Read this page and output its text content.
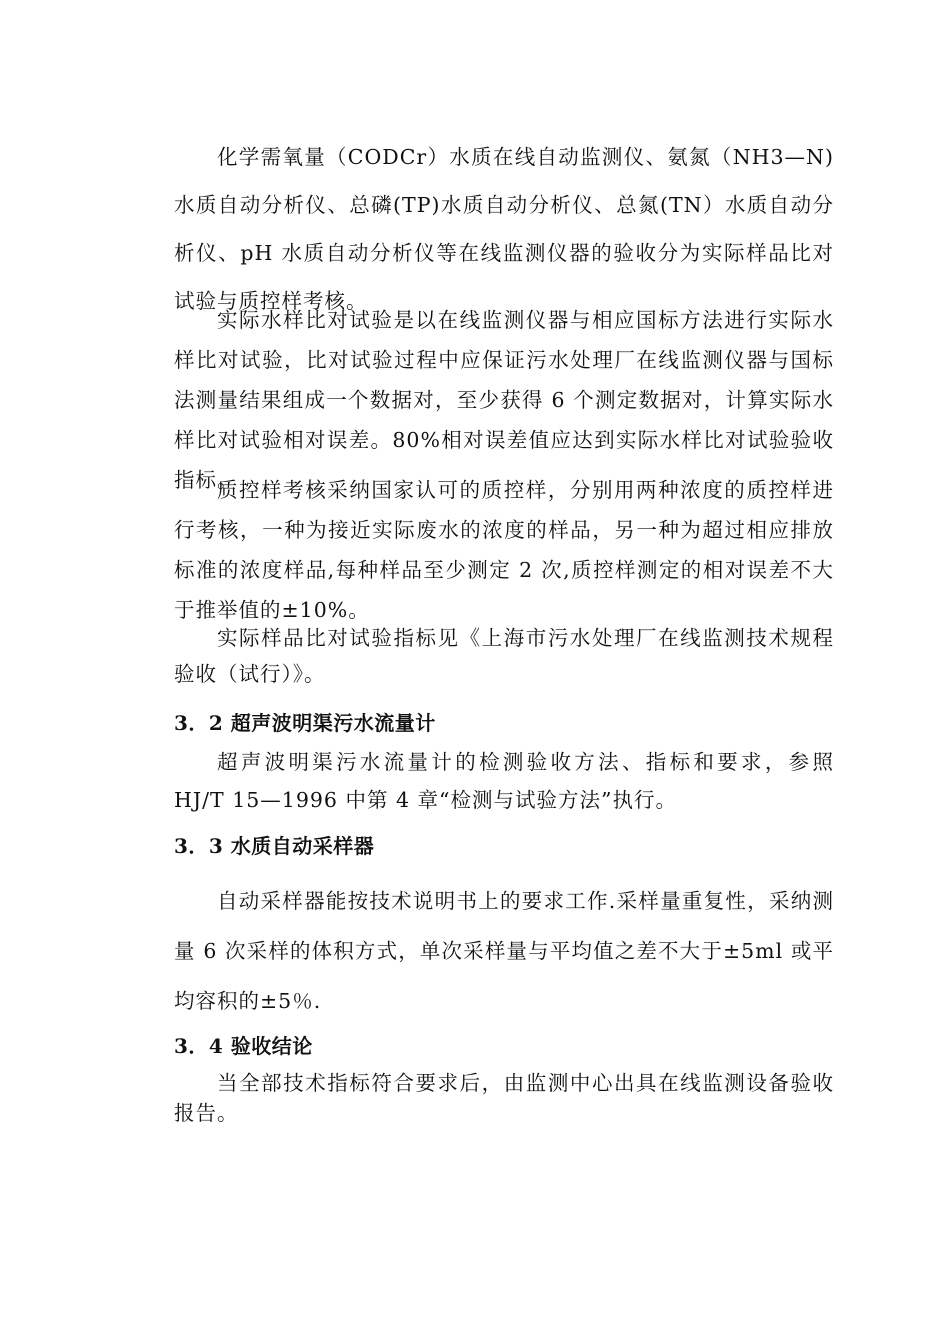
化学需氧量（CODCr）水质在线自动监测仪、氨氮（NH3—N)水质自动分析仪、总磷(TP)水质自动分析仪、总氮(TN）水质自动分析仪、pH 水质自动分析仪等在线监测仪器的验收分为实际样品比对试验与质控样考核。

实际水样比对试验是以在线监测仪器与相应国标方法进行实际水样比对试验，比对试验过程中应保证污水处理厂在线监测仪器与国标法测量结果组成一个数据对，至少获得 6 个测定数据对，计算实际水样比对试验相对误差。80%相对误差值应达到实际水样比对试验验收指标。

质控样考核采纳国家认可的质控样，分别用两种浓度的质控样进行考核，一种为接近实际废水的浓度的样品，另一种为超过相应排放标准的浓度样品,每种样品至少测定 2 次,质控样测定的相对误差不大于推举值的±10%。

实际样品比对试验指标见《上海市污水处理厂在线监测技术规程 验收（试行）》。

3．2 超声波明渠污水流量计

超声波明渠污水流量计的检测验收方法、指标和要求，参照 HJ/T 15—1996 中第 4 章“检测与试验方法”执行。

3．3 水质自动采样器

自动采样器能按技术说明书上的要求工作.采样量重复性，采纳测量 6 次采样的体积方式，单次采样量与平均值之差不大于±5ml 或平均容积的±5％.

3．4 验收结论

当全部技术指标符合要求后，由监测中心出具在线监测设备验收报告。
